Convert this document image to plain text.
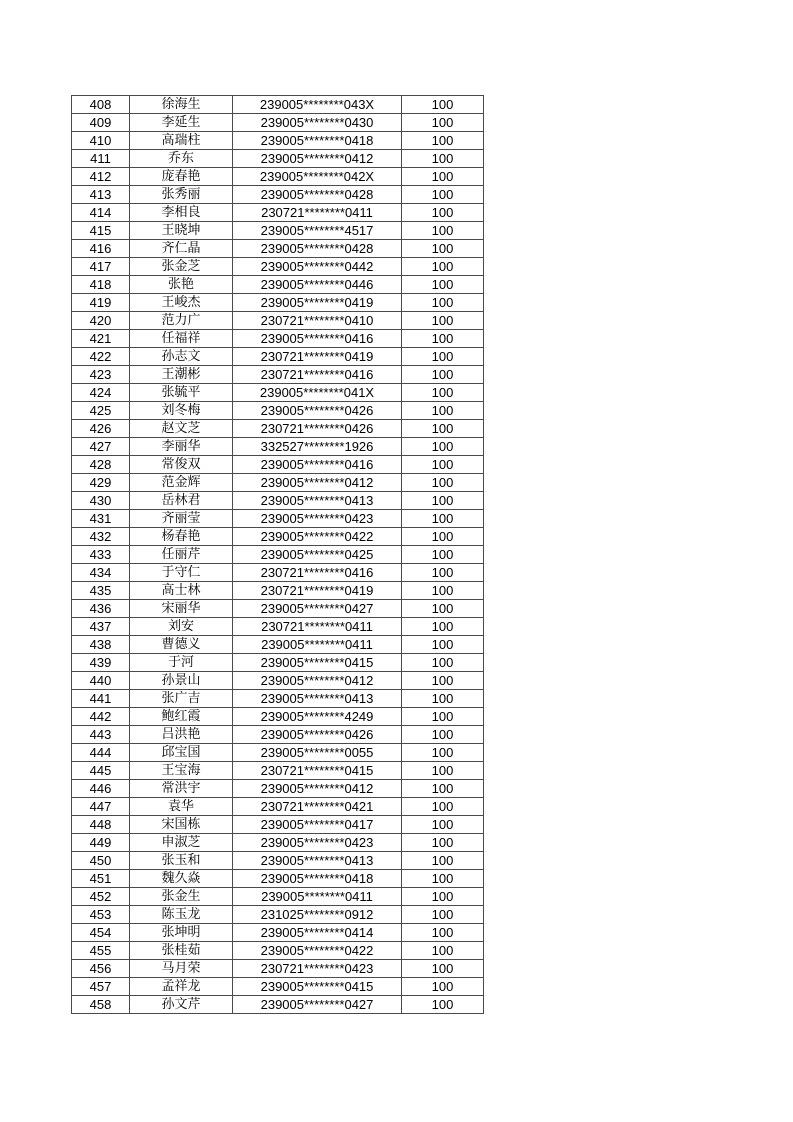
408	徐海生	239005********043X	100
409	李延生	239005********0430	100
410	高瑞柱	239005********0418	100
411	乔东	239005********0412	100
412	庞春艳	239005********042X	100
413	张秀丽	239005********0428	100
414	李相良	230721********0411	100
415	王晓坤	239005********4517	100
416	齐仁晶	239005********0428	100
417	张金芝	239005********0442	100
418	张艳	239005********0446	100
419	王峻杰	239005********0419	100
420	范力广	230721********0410	100
421	任福祥	239005********0416	100
422	孙志文	230721********0419	100
423	王潮彬	230721********0416	100
424	张毓平	239005********041X	100
425	刘冬梅	239005********0426	100
426	赵文芝	230721********0426	100
427	李丽华	332527********1926	100
428	常俊双	239005********0416	100
429	范金辉	239005********0412	100
430	岳林君	239005********0413	100
431	齐丽莹	239005********0423	100
432	杨春艳	239005********0422	100
433	任丽芹	239005********0425	100
434	于守仁	230721********0416	100
435	高士林	230721********0419	100
436	宋丽华	239005********0427	100
437	刘安	230721********0411	100
438	曹德义	239005********0411	100
439	于河	239005********0415	100
440	孙景山	239005********0412	100
441	张广吉	239005********0413	100
442	鲍红霞	239005********4249	100
443	吕洪艳	239005********0426	100
444	邱宝国	239005********0055	100
445	王宝海	230721********0415	100
446	常洪宇	239005********0412	100
447	袁华	230721********0421	100
448	宋国栋	239005********0417	100
449	申淑芝	239005********0423	100
450	张玉和	239005********0413	100
451	魏久焱	239005********0418	100
452	张金生	239005********0411	100
453	陈玉龙	231025********0912	100
454	张坤明	239005********0414	100
455	张桂茹	239005********0422	100
456	马月荣	230721********0423	100
457	孟祥龙	239005********0415	100
458	孙文芹	239005********0427	100
